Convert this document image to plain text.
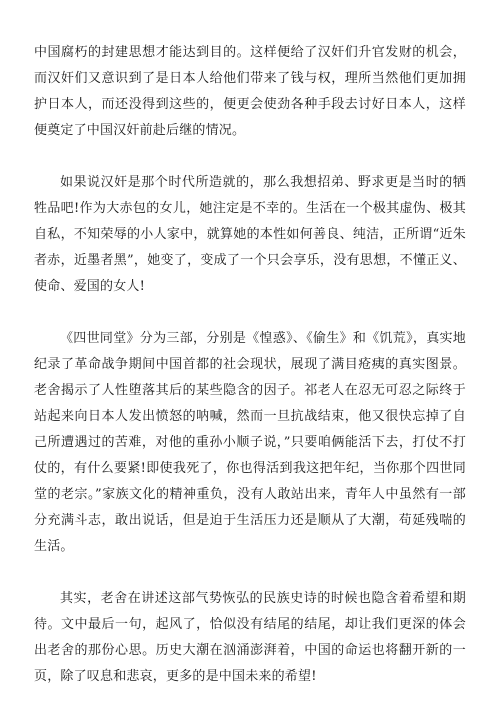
中国腐朽的封建思想才能达到目的。这样便给了汉奸们升官发财的机会，而汉奸们又意识到了是日本人给他们带来了钱与权，理所当然他们更加拥护日本人，而还没得到这些的，便更会使劲各种手段去讨好日本人，这样便奠定了中国汉奸前赴后继的情况。

如果说汉奸是那个时代所造就的，那么我想招弟、野求更是当时的牺牲品吧!作为大赤包的女儿，她注定是不幸的。生活在一个极其虚伪、极其自私，不知荣辱的小人家中，就算她的本性如何善良、纯洁，正所谓“近朱者赤，近墨者黑”，她变了，变成了一个只会享乐，没有思想，不懂正义、使命、爱国的女人!

《四世同堂》分为三部，分别是《惶惑》、《偷生》和《饥荒》，真实地纪录了革命战争期间中国首都的社会现状，展现了满目疮痍的真实图景。老舍揭示了人性堕落其后的某些隐含的因子。祁老人在忍无可忍之际终于站起来向日本人发出愤怒的呐喊，然而一旦抗战结束，他又很快忘掉了自己所遭遇过的苦难，对他的重孙小顺子说，”只要咱俩能活下去，打仗不打仗的，有什么要紧!即使我死了，你也得活到我这把年纪，当你那个四世同堂的老宗。”家族文化的精神重负，没有人敢站出来，青年人中虽然有一部分充满斗志，敢出说话，但是迫于生活压力还是顺从了大潮，苟延残喘的生活。

其实，老舍在讲述这部气势恢弘的民族史诗的时候也隐含着希望和期待。文中最后一句，起风了，恰似没有结尾的结尾，却让我们更深的体会出老舍的那份心思。历史大潮在汹涌澎湃着，中国的命运也将翻开新的一页，除了叹息和悲哀，更多的是中国未来的希望!
